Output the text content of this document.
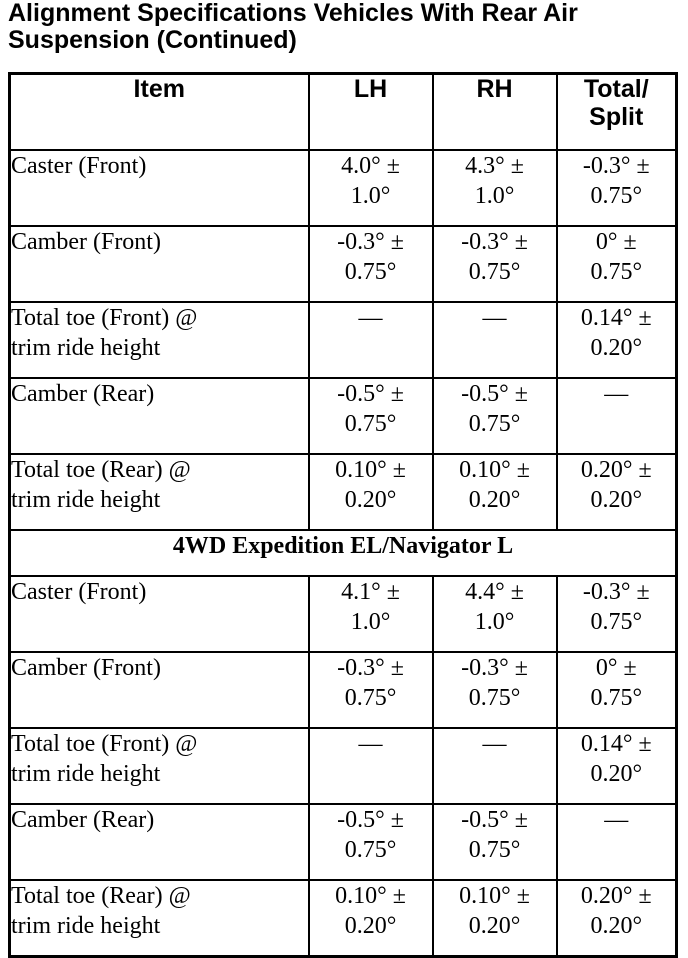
Alignment Specifications Vehicles With Rear Air
Suspension (Continued)
Item	LH	RH	Total/
Split

Caster (Front)	4.0° ±
1.0°	4.3° ±
1.0°	-0.3° ±
0.75°

Camber (Front)	-0.3° ±
0.75°	-0.3° ±
0.75°	0° ±
0.75°

Total toe (Front) @
trim ride height	—	—	0.14° ±
0.20°

Camber (Rear)	-0.5° ±
0.75°	-0.5° ±
0.75°	—

Total toe (Rear) @
trim ride height	0.10° ±
0.20°	0.10° ±
0.20°	0.20° ±
0.20°

4WD Expedition EL/Navigator L			

Caster (Front)	4.1° ±
1.0°	4.4° ±
1.0°	-0.3° ±
0.75°

Camber (Front)	-0.3° ±
0.75°	-0.3° ±
0.75°	0° ±
0.75°

Total toe (Front) @
trim ride height	—	—	0.14° ±
0.20°

Camber (Rear)	-0.5° ±
0.75°	-0.5° ±
0.75°	—

Total toe (Rear) @
trim ride height	0.10° ±
0.20°	0.10° ±
0.20°	0.20° ±
0.20°
